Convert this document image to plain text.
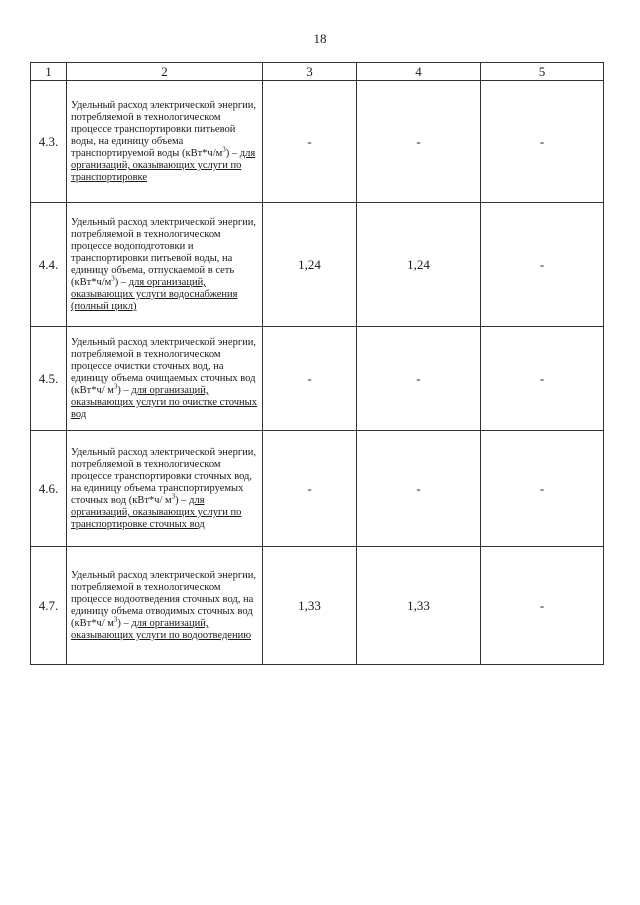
18
1	2	3	4	5
4.3.	Удельный расход электрической энергии, потребляемой в технологическом процессе транспортировки питьевой воды, на единицу объема транспортируемой воды $(кВт*ч/м^3)$ – для организаций, оказывающих услуги по транспортировке	-	-	-
4.4.	Удельный расход электрической энергии, потребляемой в технологическом процессе водоподготовки и транспортировки питьевой воды, на единицу объема, отпускаемой в сеть $(кВт*ч/м^3)$ – для организаций, оказывающих услуги водоснабжения (полный цикл)	1,24	1,24	-
4.5.	Удельный расход электрической энергии, потребляемой в технологическом процессе очистки сточных вод, на единицу объема очищаемых сточных вод (кВт*ч/ $м^3$) – для организаций, оказывающих услуги по очистке сточных вод	-	-	-
4.6.	Удельный расход электрической энергии, потребляемой в технологическом процессе транспортировки сточных вод, на единицу объема транспортируемых сточных вод (кВт*ч/ $м^3$) – для организаций, оказывающих услуги по транспортировке сточных вод	-	-	-
4.7.	Удельный расход электрической энергии, потребляемой в технологическом процессе водоотведения сточных вод, на единицу объема отводимых сточных вод (кВт*ч/ $м^3$) – для организаций, оказывающих услуги по водоотведению	1,33	1,33	-
